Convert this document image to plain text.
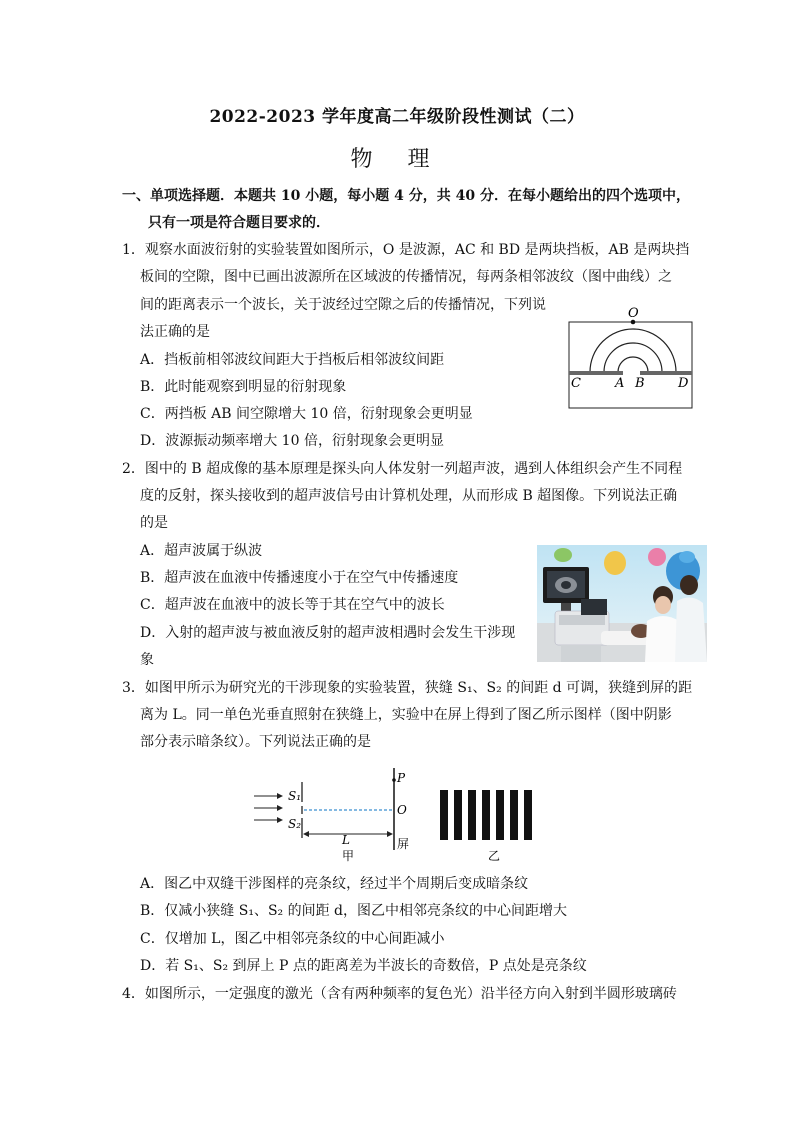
2022-2023 学年度高二年级阶段性测试（二）
物 理
一、单项选择题．本题共 10 小题，每小题 4 分，共 40 分．在每小题给出的四个选项中，
只有一项是符合题目要求的．
1．观察水面波衍射的实验装置如图所示，O 是波源，AC 和 BD 是两块挡板，AB 是两块挡
板间的空隙，图中已画出波源所在区域波的传播情况，每两条相邻波纹（图中曲线）之
间的距离表示一个波长，关于波经过空隙之后的传播情况，下列说
法正确的是
A．挡板前相邻波纹间距大于挡板后相邻波纹间距
B．此时能观察到明显的衍射现象
C．两挡板 AB 间空隙增大 10 倍，衍射现象会更明显
D．波源振动频率增大 10 倍，衍射现象会更明显
O
C	A B	D
2．图中的 B 超成像的基本原理是探头向人体发射一列超声波，遇到人体组织会产生不同程
度的反射，探头接收到的超声波信号由计算机处理，从而形成 B 超图像。下列说法正确
的是
A．超声波属于纵波
B．超声波在血液中传播速度小于在空气中传播速度
C．超声波在血液中的波长等于其在空气中的波长
D．入射的超声波与被血液反射的超声波相遇时会发生干涉现
象
3．如图甲所示为研究光的干涉现象的实验装置，狭缝 S₁、S₂ 的间距 d 可调，狭缝到屏的距
离为 L。同一单色光垂直照射在狭缝上，实验中在屏上得到了图乙所示图样（图中阴影
部分表示暗条纹）。下列说法正确的是
S₁
S₂
P
O
L	屏
甲	乙
A．图乙中双缝干涉图样的亮条纹，经过半个周期后变成暗条纹
B．仅减小狭缝 S₁、S₂ 的间距 d，图乙中相邻亮条纹的中心间距增大
C．仅增加 L，图乙中相邻亮条纹的中心间距减小
D．若 S₁、S₂ 到屏上 P 点的距离差为半波长的奇数倍，P 点处是亮条纹
4．如图所示，一定强度的激光（含有两种频率的复色光）沿半径方向入射到半圆形玻璃砖
